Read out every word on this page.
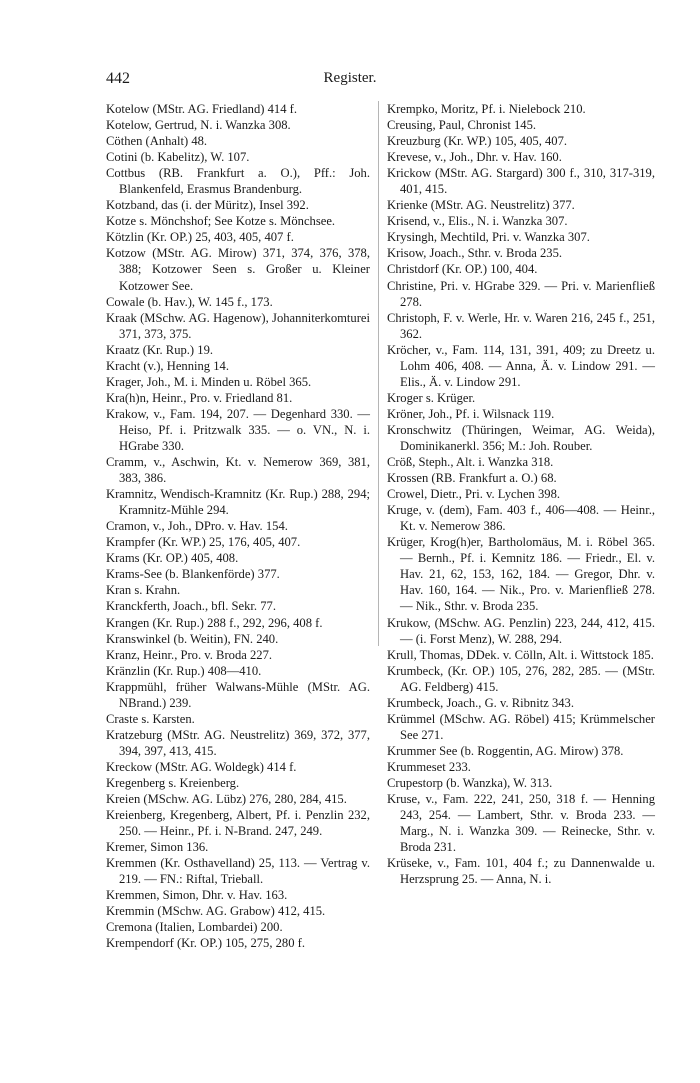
442	Register.

Kotelow (MStr. AG. Friedland) 414 f.

Kotelow, Gertrud, N. i. Wanzka 308.

Cöthen (Anhalt) 48.

Cotini (b. Kabelitz), W. 107.

Cottbus (RB. Frankfurt a. O.), Pff.: Joh. Blankenfeld, Erasmus Brandenburg.

Kotzband, das (i. der Müritz), Insel 392.

Kotze s. Mönchshof; See Kotze s. Mönchsee.

Kötzlin (Kr. OP.) 25, 403, 405, 407 f.

Kotzow (MStr. AG. Mirow) 371, 374, 376, 378, 388; Kotzower Seen s. Großer u. Kleiner Kotzower See.

Cowale (b. Hav.), W. 145 f., 173.

Kraak (MSchw. AG. Hagenow), Johanniterkomturei 371, 373, 375.

Kraatz (Kr. Rup.) 19.

Kracht (v.), Henning 14.

Krager, Joh., M. i. Minden u. Röbel 365.

Kra(h)n, Heinr., Pro. v. Friedland 81.

Krakow, v., Fam. 194, 207. — Degenhard 330. — Heiso, Pf. i. Pritzwalk 335. — o. VN., N. i. HGrabe 330.

Cramm, v., Aschwin, Kt. v. Nemerow 369, 381, 383, 386.

Kramnitz, Wendisch-Kramnitz (Kr. Rup.) 288, 294; Kramnitz-Mühle 294.

Cramon, v., Joh., DPro. v. Hav. 154.

Krampfer (Kr. WP.) 25, 176, 405, 407.

Krams (Kr. OP.) 405, 408.

Krams-See (b. Blankenförde) 377.

Kran s. Krahn.

Kranckferth, Joach., bfl. Sekr. 77.

Krangen (Kr. Rup.) 288 f., 292, 296, 408 f.

Kranswinkel (b. Weitin), FN. 240.

Kranz, Heinr., Pro. v. Broda 227.

Kränzlin (Kr. Rup.) 408—410.

Krappmühl, früher Walwans-Mühle (MStr. AG. NBrand.) 239.

Craste s. Karsten.

Kratzeburg (MStr. AG. Neustrelitz) 369, 372, 377, 394, 397, 413, 415.

Kreckow (MStr. AG. Woldegk) 414 f.

Kregenberg s. Kreienberg.

Kreien (MSchw. AG. Lübz) 276, 280, 284, 415.

Kreienberg, Kregenberg, Albert, Pf. i. Penzlin 232, 250. — Heinr., Pf. i. N-Brand. 247, 249.

Kremer, Simon 136.

Kremmen (Kr. Osthavelland) 25, 113. — Vertrag v. 219. — FN.: Riftal, Trieball.

Kremmen, Simon, Dhr. v. Hav. 163.

Kremmin (MSchw. AG. Grabow) 412, 415.

Cremona (Italien, Lombardei) 200.

Krempendorf (Kr. OP.) 105, 275, 280 f.

Krempko, Moritz, Pf. i. Nielebock 210.

Creusing, Paul, Chronist 145.

Kreuzburg (Kr. WP.) 105, 405, 407.

Krevese, v., Joh., Dhr. v. Hav. 160.

Krickow (MStr. AG. Stargard) 300 f., 310, 317-319, 401, 415.

Krienke (MStr. AG. Neustrelitz) 377.

Krisend, v., Elis., N. i. Wanzka 307.

Krysingh, Mechtild, Pri. v. Wanzka 307.

Krisow, Joach., Sthr. v. Broda 235.

Christdorf (Kr. OP.) 100, 404.

Christine, Pri. v. HGrabe 329. — Pri. v. Marienfließ 278.

Christoph, F. v. Werle, Hr. v. Waren 216, 245 f., 251, 362.

Kröcher, v., Fam. 114, 131, 391, 409; zu Dreetz u. Lohm 406, 408. — Anna, Ä. v. Lindow 291. — Elis., Ä. v. Lindow 291.

Kroger s. Krüger.

Kröner, Joh., Pf. i. Wilsnack 119.

Kronschwitz (Thüringen, Weimar, AG. Weida), Dominikanerkl. 356; M.: Joh. Rouber.

Cröß, Steph., Alt. i. Wanzka 318.

Krossen (RB. Frankfurt a. O.) 68.

Crowel, Dietr., Pri. v. Lychen 398.

Kruge, v. (dem), Fam. 403 f., 406—408. — Heinr., Kt. v. Nemerow 386.

Krüger, Krog(h)er, Bartholomäus, M. i. Röbel 365. — Bernh., Pf. i. Kemnitz 186. — Friedr., El. v. Hav. 21, 62, 153, 162, 184. — Gregor, Dhr. v. Hav. 160, 164. — Nik., Pro. v. Marienfließ 278. — Nik., Sthr. v. Broda 235.

Krukow, (MSchw. AG. Penzlin) 223, 244, 412, 415. — (i. Forst Menz), W. 288, 294.

Krull, Thomas, DDek. v. Cölln, Alt. i. Wittstock 185.

Krumbeck, (Kr. OP.) 105, 276, 282, 285. — (MStr. AG. Feldberg) 415.

Krumbeck, Joach., G. v. Ribnitz 343.

Krümmel (MSchw. AG. Röbel) 415; Krümmelscher See 271.

Krummer See (b. Roggentin, AG. Mirow) 378.

Krummeset 233.

Crupestorp (b. Wanzka), W. 313.

Kruse, v., Fam. 222, 241, 250, 318 f. — Henning 243, 254. — Lambert, Sthr. v. Broda 233. — Marg., N. i. Wanzka 309. — Reinecke, Sthr. v. Broda 231.

Krüseke, v., Fam. 101, 404 f.; zu Dannenwalde u. Herzsprung 25. — Anna, N. i.
